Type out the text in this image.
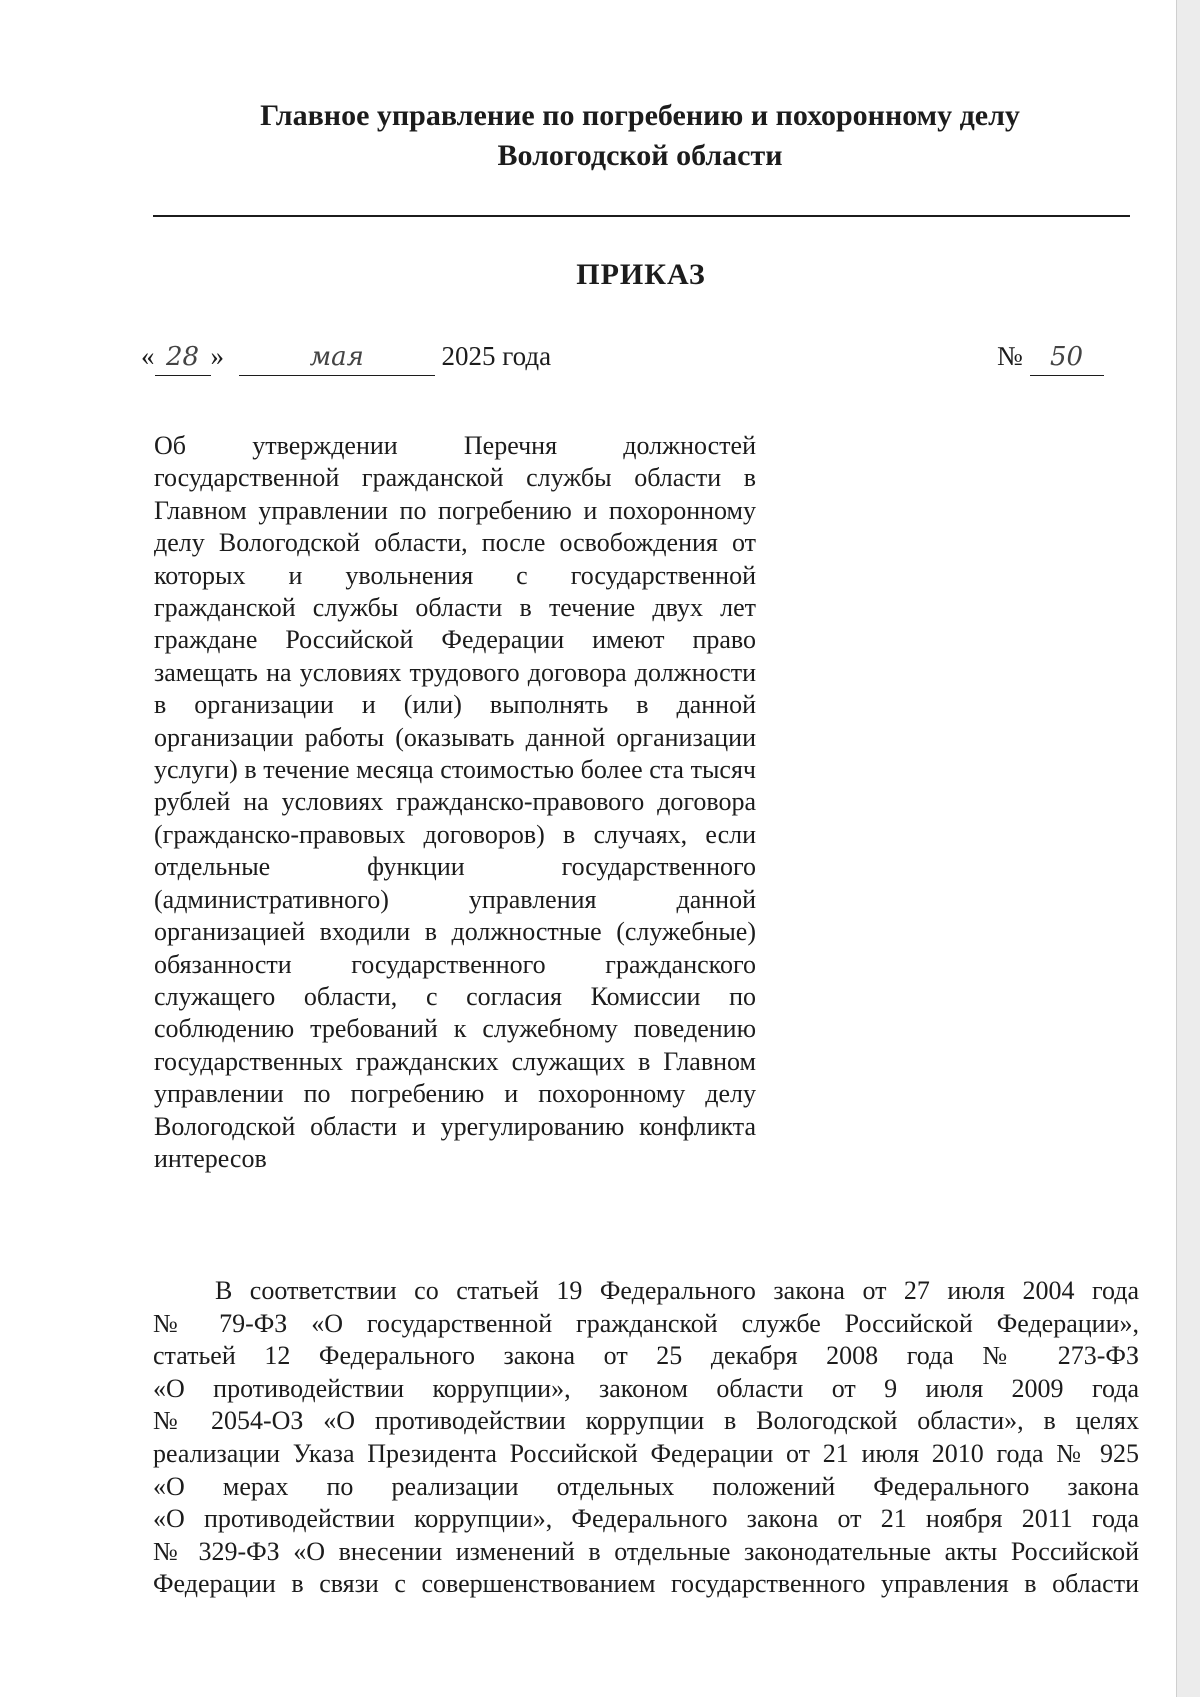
Главное управление по погребению и похоронному делу
Вологодской области
ПРИКАЗ
« 28 »	мая	2025 года	№ 50

Об утверждении Перечня должностей государственной гражданской службы области в Главном управлении по погребению и похоронному делу Вологодской области, после освобождения от которых и увольнения с государственной гражданской службы области в течение двух лет граждане Российской Федерации имеют право замещать на условиях трудового договора должности в организации и (или) выполнять в данной организации работы (оказывать данной организации услуги) в течение месяца стоимостью более ста тысяч рублей на условиях гражданско-правового договора (гражданско-правовых договоров) в случаях, если отдельные функции государственного (административного) управления данной организацией входили в должностные (служебные) обязанности государственного гражданского служащего области, с согласия Комиссии по соблюдению требований к служебному поведению государственных гражданских служащих в Главном управлении по погребению и похоронному делу Вологодской области и урегулированию конфликта интересов

В соответствии со статьей 19 Федерального закона от 27 июля 2004 года
№ 79-ФЗ «О государственной гражданской службе Российской Федерации»,
статьей 12 Федерального закона от 25 декабря 2008 года № 273-ФЗ
«О противодействии коррупции», законом области от 9 июля 2009 года
№ 2054-ОЗ «О противодействии коррупции в Вологодской области», в целях
реализации Указа Президента Российской Федерации от 21 июля 2010 года № 925
«О мерах по реализации отдельных положений Федерального закона
«О противодействии коррупции», Федерального закона от 21 ноября 2011 года
№ 329-ФЗ «О внесении изменений в отдельные законодательные акты Российской
Федерации в связи с совершенствованием государственного управления в области
